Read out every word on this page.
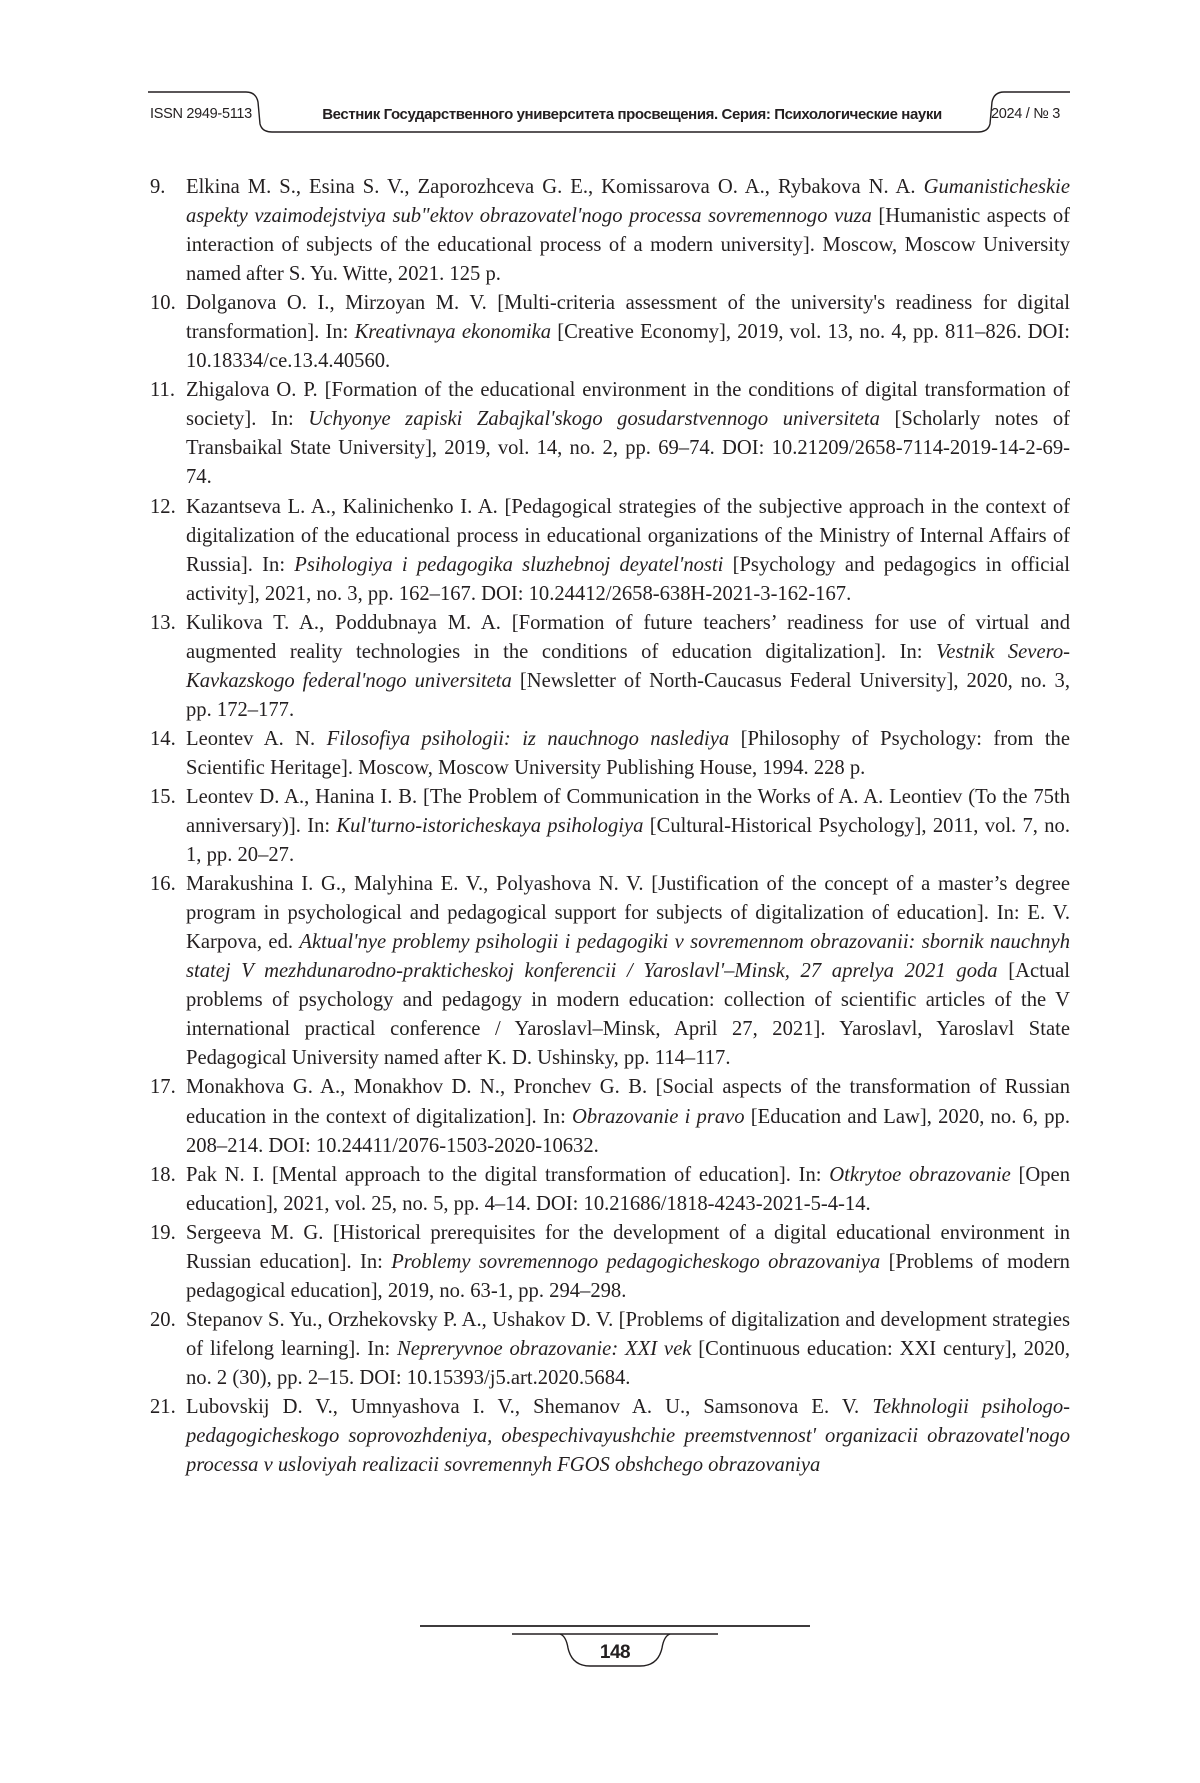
ISSN 2949-5113	Вестник Государственного университета просвещения. Серия: Психологические науки	2024 / № 3
9. Elkina M. S., Esina S. V., Zaporozhceva G. E., Komissarova O. A., Rybakova N. A. Gumanisticheskie aspekty vzaimodejstviya sub"ektov obrazovatel'nogo processa sovremennogo vuza [Humanistic aspects of interaction of subjects of the educational process of a modern university]. Moscow, Moscow University named after S. Yu. Witte, 2021. 125 p.
10. Dolganova O. I., Mirzoyan M. V. [Multi-criteria assessment of the university's readiness for digital transformation]. In: Kreativnaya ekonomika [Creative Economy], 2019, vol. 13, no. 4, pp. 811–826. DOI: 10.18334/ce.13.4.40560.
11. Zhigalova O. P. [Formation of the educational environment in the conditions of digital transformation of society]. In: Uchyonye zapiski Zabajkal'skogo gosudarstvennogo universiteta [Scholarly notes of Transbaikal State University], 2019, vol. 14, no. 2, pp. 69–74. DOI: 10.21209/2658-7114-2019-14-2-69-74.
12. Kazantseva L. A., Kalinichenko I. A. [Pedagogical strategies of the subjective approach in the context of digitalization of the educational process in educational organizations of the Ministry of Internal Affairs of Russia]. In: Psihologiya i pedagogika sluzhebnoj deyatel'nosti [Psychology and pedagogics in official activity], 2021, no. 3, pp. 162–167. DOI: 10.24412/2658-638H-2021-3-162-167.
13. Kulikova T. A., Poddubnaya M. A. [Formation of future teachers’ readiness for use of virtual and augmented reality technologies in the conditions of education digitalization]. In: Vestnik Severo-Kavkazskogo federal'nogo universiteta [Newsletter of North-Caucasus Federal University], 2020, no. 3, pp. 172–177.
14. Leontev A. N. Filosofiya psihologii: iz nauchnogo naslediya [Philosophy of Psychology: from the Scientific Heritage]. Moscow, Moscow University Publishing House, 1994. 228 p.
15. Leontev D. A., Hanina I. B. [The Problem of Communication in the Works of A. A. Leontiev (To the 75th anniversary)]. In: Kul'turno-istoricheskaya psihologiya [Cultural-Historical Psychology], 2011, vol. 7, no. 1, pp. 20–27.
16. Marakushina I. G., Malyhina E. V., Polyashova N. V. [Justification of the concept of a master’s degree program in psychological and pedagogical support for subjects of digitalization of education]. In: E. V. Karpova, ed. Aktual'nye problemy psihologii i pedagogiki v sovremennom obrazovanii: sbornik nauchnyh statej V mezhdunarodno-prakticheskoj konferencii / Yaroslavl'–Minsk, 27 aprelya 2021 goda [Actual problems of psychology and pedagogy in modern education: collection of scientific articles of the V international practical conference / Yaroslavl–Minsk, April 27, 2021]. Yaroslavl, Yaroslavl State Pedagogical University named after K. D. Ushinsky, pp. 114–117.
17. Monakhova G. A., Monakhov D. N., Pronchev G. B. [Social aspects of the transformation of Russian education in the context of digitalization]. In: Obrazovanie i pravo [Education and Law], 2020, no. 6, pp. 208–214. DOI: 10.24411/2076-1503-2020-10632.
18. Pak N. I. [Mental approach to the digital transformation of education]. In: Otkrytoe obrazovanie [Open education], 2021, vol. 25, no. 5, pp. 4–14. DOI: 10.21686/1818-4243-2021-5-4-14.
19. Sergeeva M. G. [Historical prerequisites for the development of a digital educational environment in Russian education]. In: Problemy sovremennogo pedagogicheskogo obrazovaniya [Problems of modern pedagogical education], 2019, no. 63-1, pp. 294–298.
20. Stepanov S. Yu., Orzhekovsky P. A., Ushakov D. V. [Problems of digitalization and development strategies of lifelong learning]. In: Nepreryvnoe obrazovanie: XXI vek [Continuous education: XXI century], 2020, no. 2 (30), pp. 2–15. DOI: 10.15393/j5.art.2020.5684.
21. Lubovskij D. V., Umnyashova I. V., Shemanov A. U., Samsonova E. V. Tekhnologii psihologo-pedagogicheskogo soprovozhdeniya, obespechivayushchie preemstvennost' organizacii obrazovatel'nogo processa v usloviyah realizacii sovremennyh FGOS obshchego obrazovaniya
148
